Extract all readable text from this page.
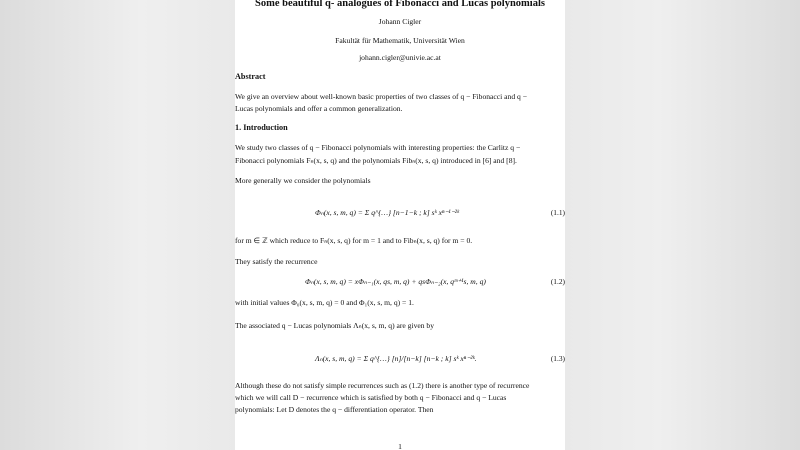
Some beautiful q- analogues of Fibonacci and Lucas polynomials
Johann Cigler
Fakultät für Mathematik, Universität Wien
johann.cigler@univie.ac.at
Abstract
We give an overview about well-known basic properties of two classes of q − Fibonacci and q −
Lucas polynomials and offer a common generalization.
1. Introduction
We study two classes of q − Fibonacci polynomials with interesting properties: the Carlitz q −
Fibonacci polynomials Fₙ(x, s, q) and the polynomials Fibₙ(x, s, q) introduced in [6] and [8].
More generally we consider the polynomials
Φₙ(x, s, m, q) = Σ q^{…} [n−1−k ; k] sᵏ xⁿ⁻¹⁻²ᵏ	(1.1)
for m ∈ ℤ which reduce to Fₙ(x, s, q) for m = 1 and to Fibₙ(x, s, q) for m = 0.
They satisfy the recurrence
Φₙ(x, s, m, q) = xΦₙ₋₁(x, qs, m, q) + qsΦₙ₋₂(x, qᵐ⁺¹s, m, q)	(1.2)
with initial values Φ₀(x, s, m, q) = 0 and Φ₁(x, s, m, q) = 1.
The associated q − Lucas polynomials Λₙ(x, s, m, q) are given by
Λₙ(x, s, m, q) = Σ q^{…} [n]/[n−k] [n−k ; k] sᵏ xⁿ⁻²ᵏ.	(1.3)
Although these do not satisfy simple recurrences such as (1.2) there is another type of recurrence
which we will call D − recurrence which is satisfied by both q − Fibonacci and q − Lucas
polynomials: Let D denotes the q − differentiation operator. Then
1
